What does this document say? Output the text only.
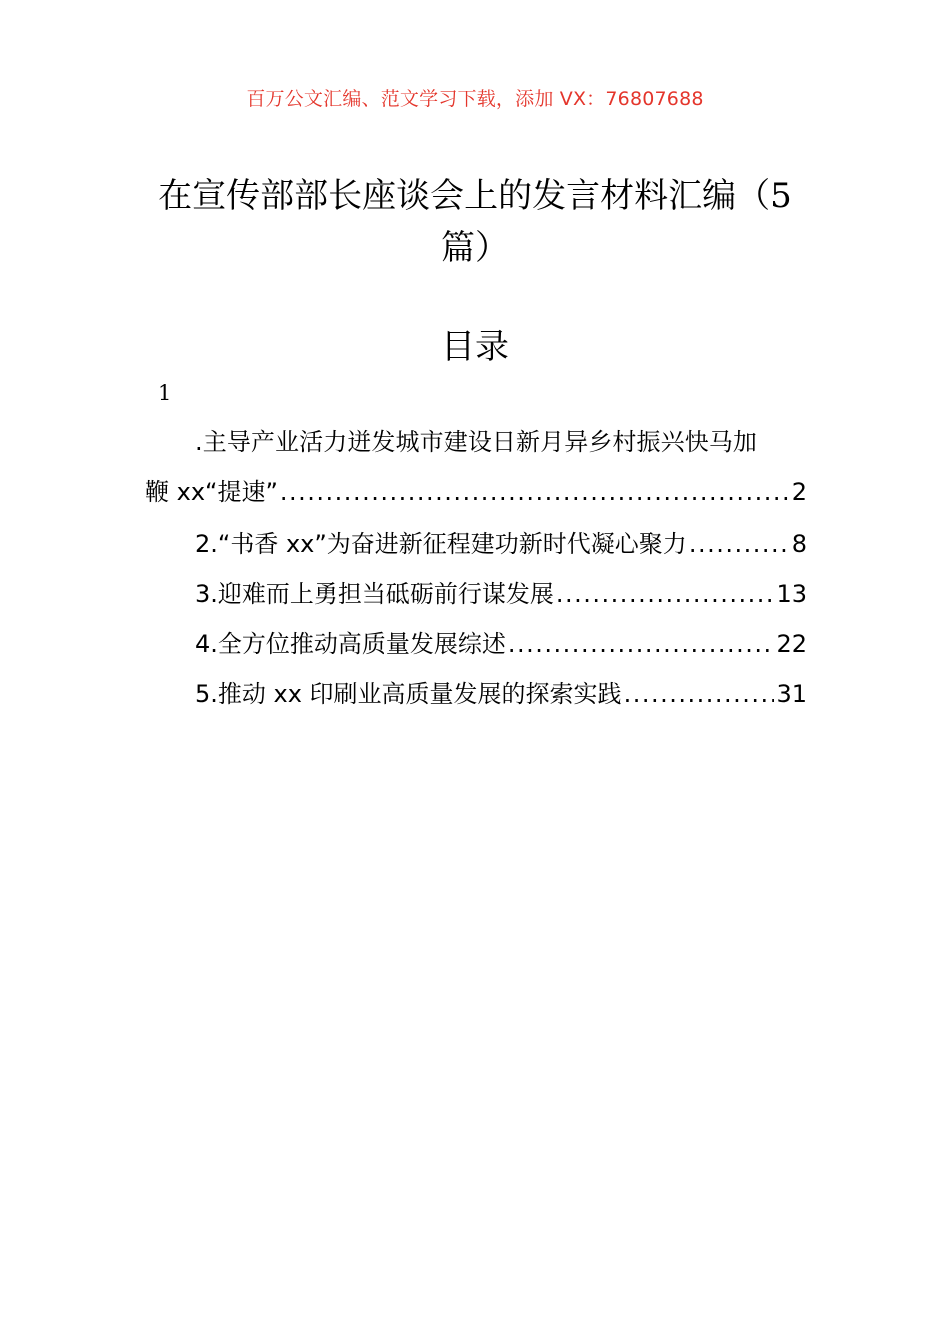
百万公文汇编、范文学习下载，添加 VX：76807688
在宣传部部长座谈会上的发言材料汇编（5篇）
目录
1
.主导产业活力迸发城市建设日新月异乡村振兴快马加
鞭 xx“提速” .....	2
2.“书香 xx”为奋进新征程建功新时代凝心聚力 .....	8
3.迎难而上勇担当砥砺前行谋发展 .....	13
4.全方位推动高质量发展综述 .....	22
5.推动 xx 印刷业高质量发展的探索实践 .....	31
